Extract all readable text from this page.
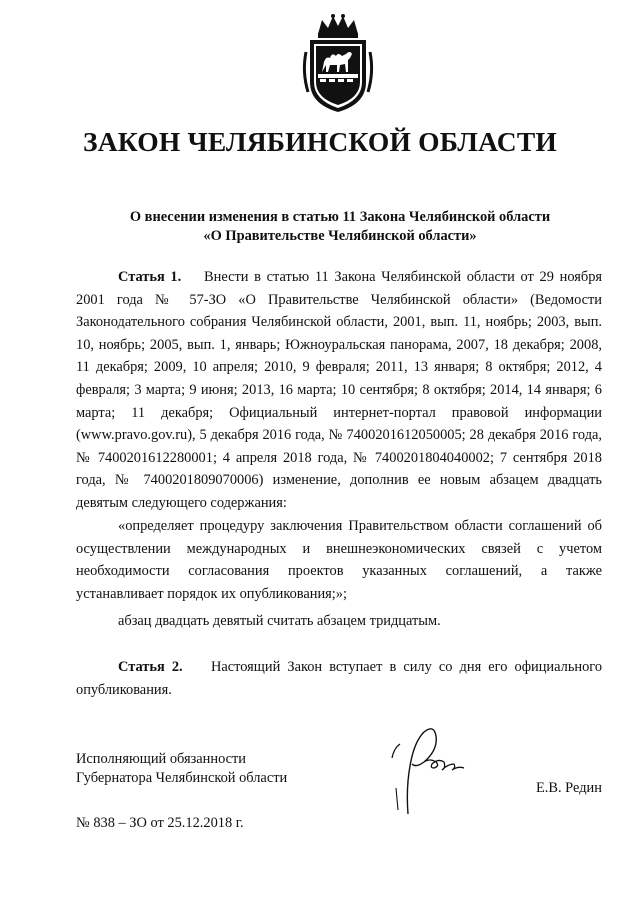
ЗАКОН ЧЕЛЯБИНСКОЙ ОБЛАСТИ
О внесении изменения в статью 11 Закона Челябинской области
«О Правительстве Челябинской области»

Статья 1. Внести в статью 11 Закона Челябинской области от 29 ноября 2001 года № 57-ЗО «О Правительстве Челябинской области» (Ведомости Законодательного собрания Челябинской области, 2001, вып. 11, ноябрь; 2003, вып. 10, ноябрь; 2005, вып. 1, январь; Южноуральская панорама, 2007, 18 декабря; 2008, 11 декабря; 2009, 10 апреля; 2010, 9 февраля; 2011, 13 января; 8 октября; 2012, 4 февраля; 3 марта; 9 июня; 2013, 16 марта; 10 сентября; 8 октября; 2014, 14 января; 6 марта; 11 декабря; Официальный интернет-портал правовой информации (www.pravo.gov.ru), 5 декабря 2016 года, № 7400201612050005; 28 декабря 2016 года, № 7400201612280001; 4 апреля 2018 года, № 7400201804040002; 7 сентября 2018 года, № 7400201809070006) изменение, дополнив ее новым абзацем двадцать девятым следующего содержания:

«определяет процедуру заключения Правительством области соглашений об осуществлении международных и внешнеэкономических связей с учетом необходимости согласования проектов указанных соглашений, а также устанавливает порядок их опубликования;»;

абзац двадцать девятый считать абзацем тридцатым.

Статья 2. Настоящий Закон вступает в силу со дня его официального опубликования.

Исполняющий обязанности
Губернатора Челябинской области
Е.В. Редин
№ 838 – ЗО от 25.12.2018 г.
